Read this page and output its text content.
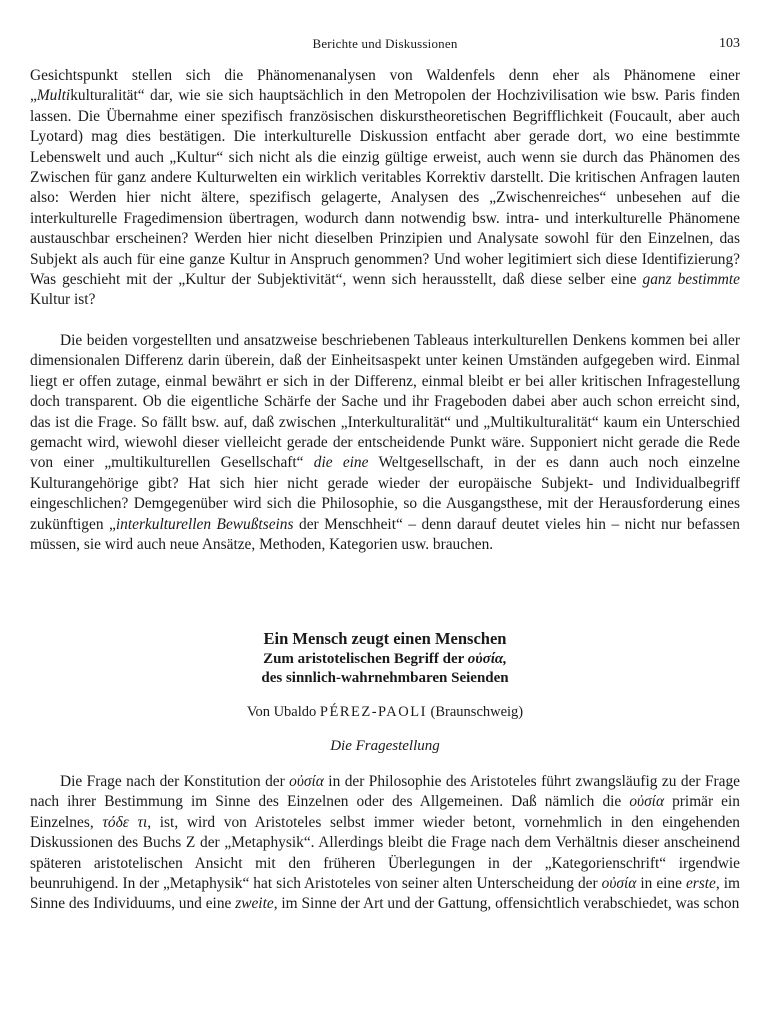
Berichte und Diskussionen	103

Gesichtspunkt stellen sich die Phänomenanalysen von Waldenfels denn eher als Phänomene einer „Multikulturalität“ dar, wie sie sich hauptsächlich in den Metropolen der Hochzivilisation wie bsw. Paris finden lassen. Die Übernahme einer spezifisch französischen diskurstheoretischen Begrifflichkeit (Foucault, aber auch Lyotard) mag dies bestätigen. Die interkulturelle Diskussion entfacht aber gerade dort, wo eine bestimmte Lebenswelt und auch „Kultur“ sich nicht als die einzig gültige erweist, auch wenn sie durch das Phänomen des Zwischen für ganz andere Kulturwelten ein wirklich veritables Korrektiv darstellt. Die kritischen Anfragen lauten also: Werden hier nicht ältere, spezifisch gelagerte, Analysen des „Zwischenreiches“ unbesehen auf die interkulturelle Fragedimension übertragen, wodurch dann notwendig bsw. intra- und interkulturelle Phänomene austauschbar erscheinen? Werden hier nicht dieselben Prinzipien und Analysate sowohl für den Einzelnen, das Subjekt als auch für eine ganze Kultur in Anspruch genommen? Und woher legitimiert sich diese Identifizierung? Was geschieht mit der „Kultur der Subjektivität“, wenn sich herausstellt, daß diese selber eine ganz bestimmte Kultur ist?

Die beiden vorgestellten und ansatzweise beschriebenen Tableaus interkulturellen Denkens kommen bei aller dimensionalen Differenz darin überein, daß der Einheitsaspekt unter keinen Umständen aufgegeben wird. Einmal liegt er offen zutage, einmal bewährt er sich in der Differenz, einmal bleibt er bei aller kritischen Infragestellung doch transparent. Ob die eigentliche Schärfe der Sache und ihr Frageboden dabei aber auch schon erreicht sind, das ist die Frage. So fällt bsw. auf, daß zwischen „Interkulturalität“ und „Multikulturalität“ kaum ein Unterschied gemacht wird, wiewohl dieser vielleicht gerade der entscheidende Punkt wäre. Supponiert nicht gerade die Rede von einer „multikulturellen Gesellschaft“ die eine Weltgesellschaft, in der es dann auch noch einzelne Kulturangehörige gibt? Hat sich hier nicht gerade wieder der europäische Subjekt- und Individualbegriff eingeschlichen? Demgegenüber wird sich die Philosophie, so die Ausgangsthese, mit der Herausforderung eines zukünftigen „interkulturellen Bewußtseins der Menschheit“ – denn darauf deutet vieles hin – nicht nur befassen müssen, sie wird auch neue Ansätze, Methoden, Kategorien usw. brauchen.

Ein Mensch zeugt einen Menschen

Zum aristotelischen Begriff der οὐσία,

des sinnlich-wahrnehmbaren Seienden

Von Ubaldo PÉREZ-PAOLI (Braunschweig)

Die Fragestellung

Die Frage nach der Konstitution der οὐσία in der Philosophie des Aristoteles führt zwangsläufig zu der Frage nach ihrer Bestimmung im Sinne des Einzelnen oder des Allgemeinen. Daß nämlich die οὐσία primär ein Einzelnes, τόδε τι, ist, wird von Aristoteles selbst immer wieder betont, vornehmlich in den eingehenden Diskussionen des Buchs Z der „Metaphysik“. Allerdings bleibt die Frage nach dem Verhältnis dieser anscheinend späteren aristotelischen Ansicht mit den früheren Überlegungen in der „Kategorienschrift“ irgendwie beunruhigend. In der „Metaphysik“ hat sich Aristoteles von seiner alten Unterscheidung der οὐσία in eine erste, im Sinne des Individuums, und eine zweite, im Sinne der Art und der Gattung, offensichtlich verabschiedet, was schon
